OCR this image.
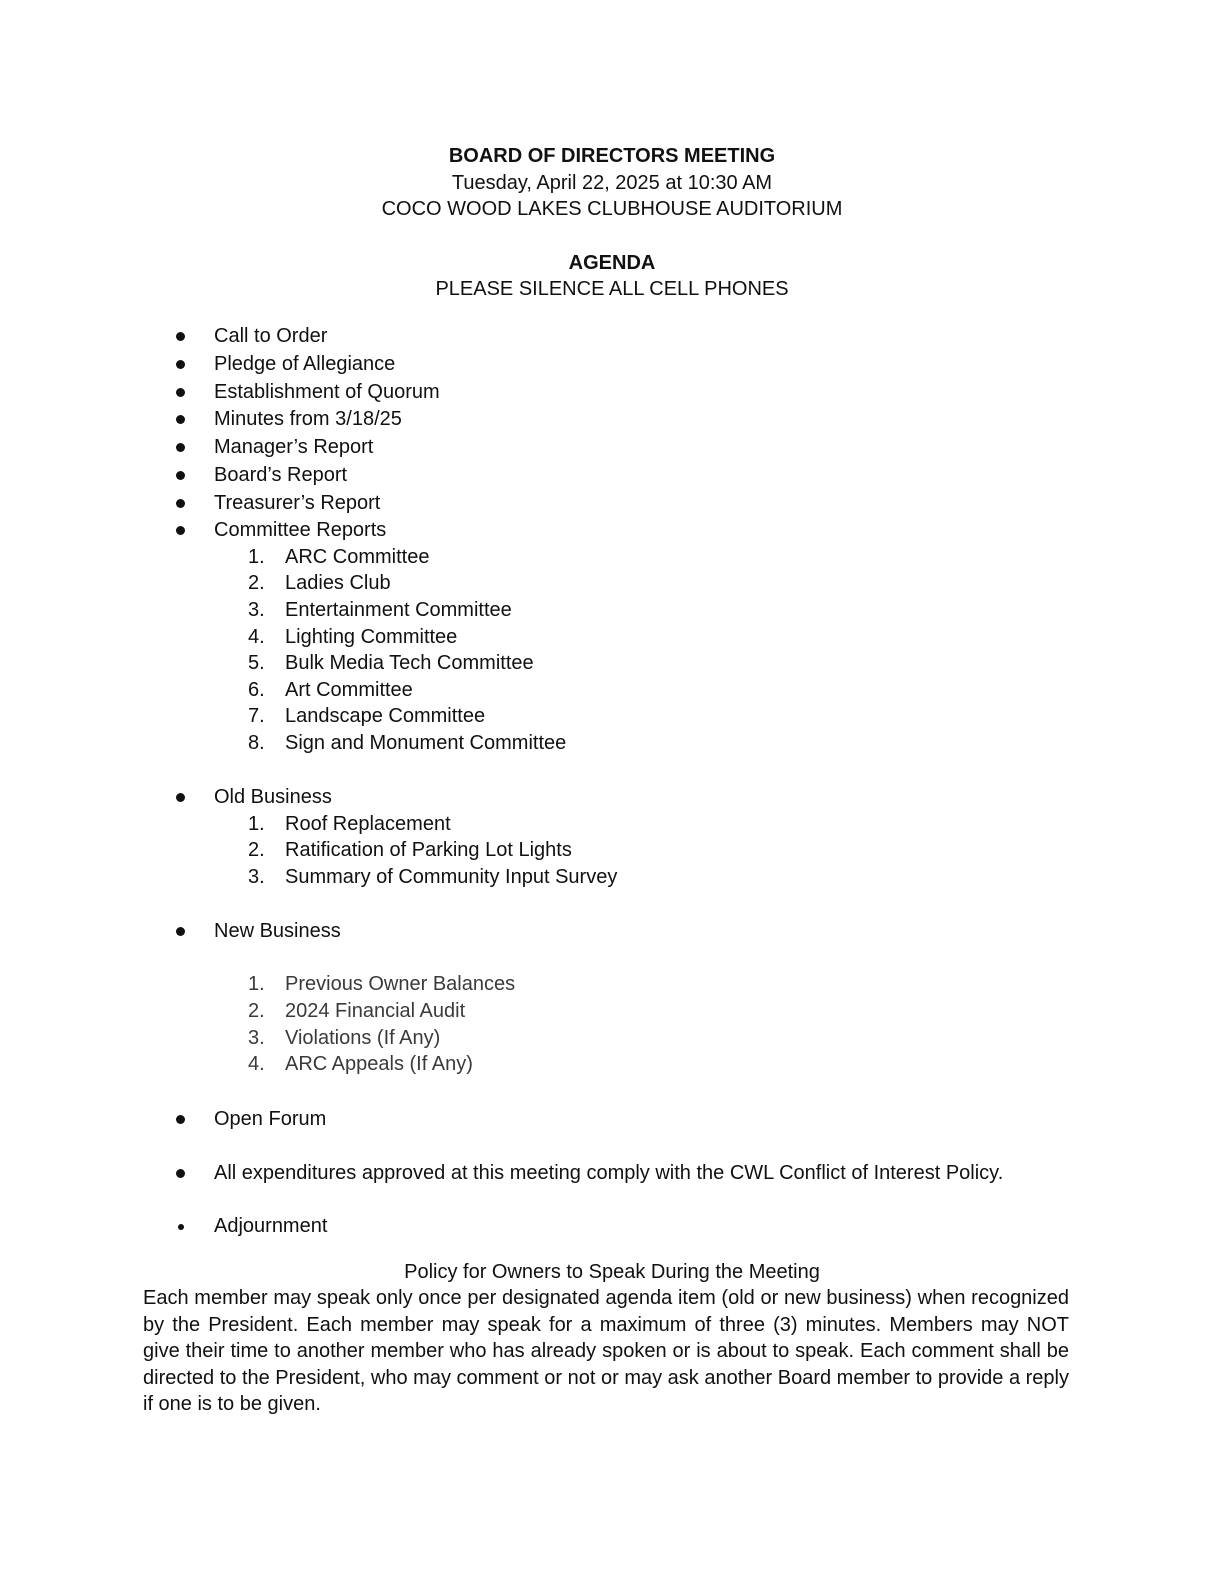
BOARD OF DIRECTORS MEETING
Tuesday, April 22, 2025 at 10:30 AM
COCO WOOD LAKES CLUBHOUSE AUDITORIUM
AGENDA
PLEASE SILENCE ALL CELL PHONES
Call to Order
Pledge of Allegiance
Establishment of Quorum
Minutes from 3/18/25
Manager’s Report
Board’s Report
Treasurer’s Report
Committee Reports
1. ARC Committee
2. Ladies Club
3. Entertainment Committee
4. Lighting Committee
5. Bulk Media Tech Committee
6. Art Committee
7. Landscape Committee
8. Sign and Monument Committee
Old Business
1. Roof Replacement
2. Ratification of Parking Lot Lights
3. Summary of Community Input Survey
New Business
1. Previous Owner Balances
2. 2024 Financial Audit
3. Violations (If Any)
4. ARC Appeals (If Any)
Open Forum
All expenditures approved at this meeting comply with the CWL Conflict of Interest Policy.
Adjournment
Policy for Owners to Speak During the Meeting
Each member may speak only once per designated agenda item (old or new business) when recognized by the President. Each member may speak for a maximum of three (3) minutes. Members may NOT give their time to another member who has already spoken or is about to speak. Each comment shall be directed to the President, who may comment or not or may ask another Board member to provide a reply if one is to be given.
